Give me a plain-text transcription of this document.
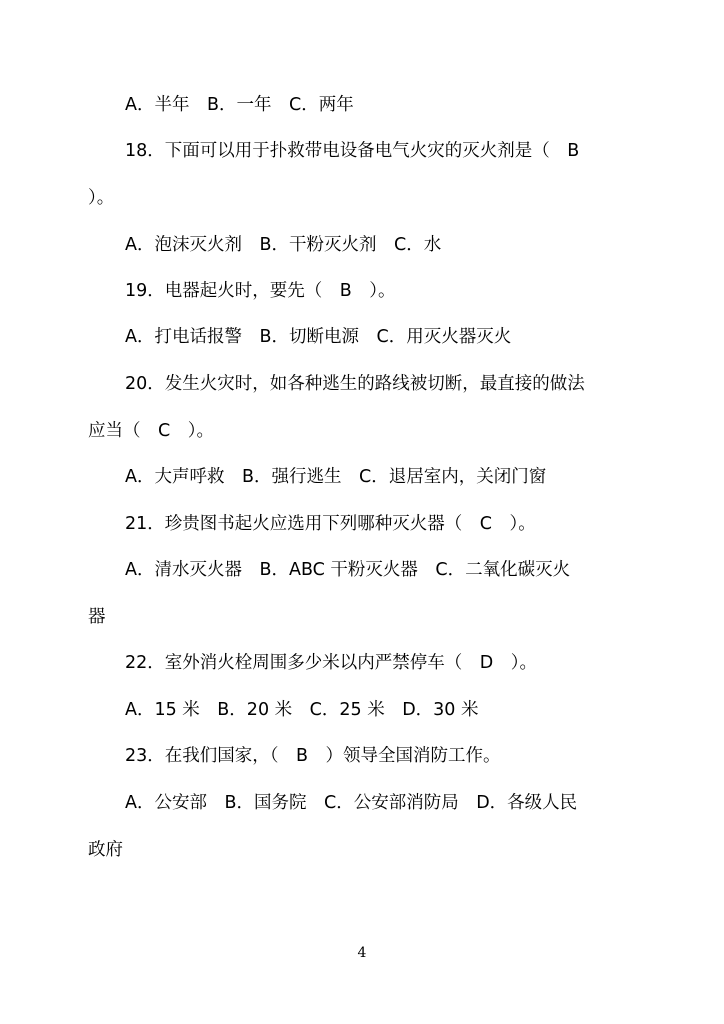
A．半年　B．一年　C．两年
18．下面可以用于扑救带电设备电气火灾的灭火剂是（　B
）。
A．泡沫灭火剂　B．干粉灭火剂　C．水
19．电器起火时，要先（　B　）。
A．打电话报警　B．切断电源　C．用灭火器灭火
20．发生火灾时，如各种逃生的路线被切断，最直接的做法
应当（　C　）。
A．大声呼救　B．强行逃生　C．退居室内，关闭门窗
21．珍贵图书起火应选用下列哪种灭火器（　C　）。
A．清水灭火器　B．ABC 干粉灭火器　C．二氧化碳灭火
器
22．室外消火栓周围多少米以内严禁停车（　D　）。
A．15 米　B．20 米　C．25 米　D．30 米
23．在我们国家，（　B　）领导全国消防工作。
A．公安部　B．国务院　C．公安部消防局　D．各级人民
政府
4
